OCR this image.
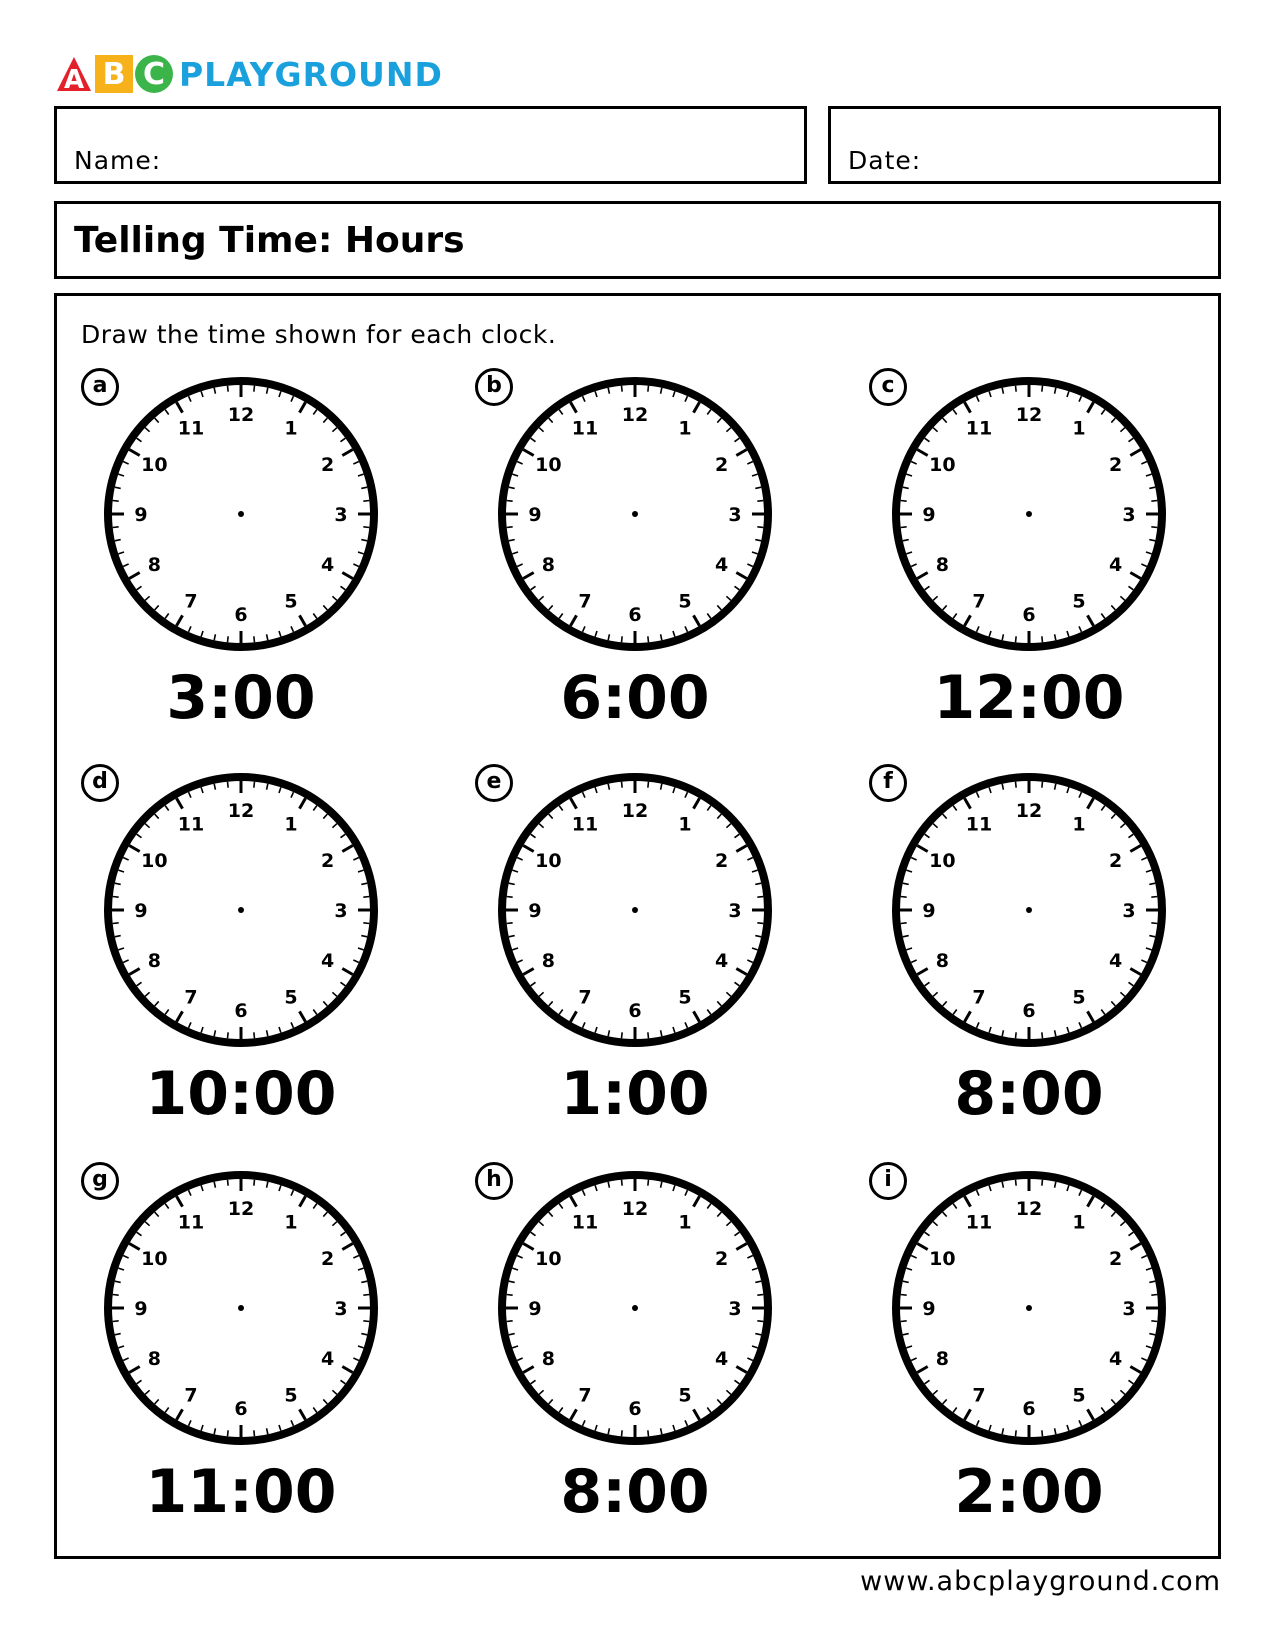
A B C PLAYGROUND
Name:	Date:
Telling Time: Hours
Draw the time shown for each clock.
12
1
2
3
4
5
6
7
8
9
10
11
a
3:00
12
1
2
3
4
5
6
7
8
9
10
11
b
6:00
12
1
2
3
4
5
6
7
8
9
10
11
c
12:00
12
1
2
3
4
5
6
7
8
9
10
11
d
10:00
12
1
2
3
4
5
6
7
8
9
10
11
e
1:00
12
1
2
3
4
5
6
7
8
9
10
11
f
8:00
12
1
2
3
4
5
6
7
8
9
10
11
g
11:00
12
1
2
3
4
5
6
7
8
9
10
11
h
8:00
12
1
2
3
4
5
6
7
8
9
10
11
i
2:00
www.abcplayground.com
